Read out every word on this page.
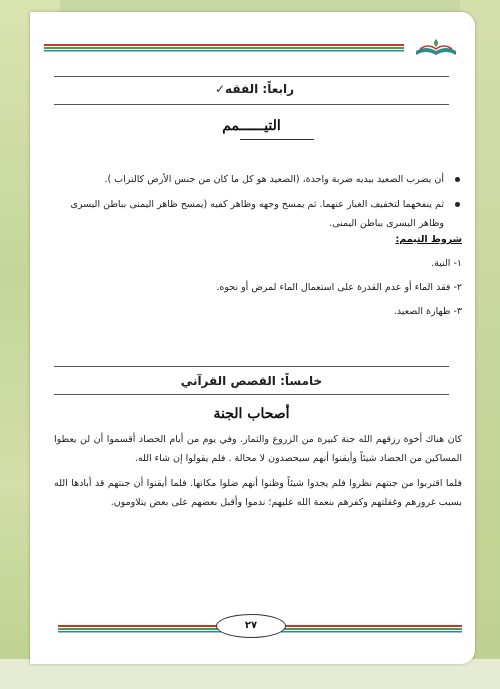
رابعاً: الفقه✓
التيــــــمم
أن يضرب الصعيد بيديه ضربة واحدة، (الصعيد هو كل ما كان من جنس الأرض كالتراب ).
ثم ينفخهما لتخفيف الغبار عنهما. ثم يمسح وجهه وظاهر كفيه (يمسح ظاهر اليمنى بباطن اليسرى وظاهر اليسرى بباطن اليمنى.
شروط التيمم:
١- النية.
٢- فقد الماء أو عدم القدرة على استعمال الماء لمرض أو نحوه.
٣- طهارة الصعيد.
خامساً: القصص القرآني
أصحاب الجنة

كان هناك أخوة رزقهم الله جنة كبيرة من الزروع والثمار. وفي يوم من أيام الحصاد أقسموا أن لن يعطوا المساكين من الحصاد شيئاً وأيقنوا أنهم سيحصدون لا محالة . فلم يقولوا إن شاء الله.

فلما اقتربوا من جنتهم نظروا فلم يجدوا شيئاً وظنوا أنهم ضلوا مكانها. فلما أيقنوا أن جنتهم قد أبادها الله بسبب غرورهم وغفلتهم وكفرهم بنعمة الله عليهم؛ ندموا وأقبل بعضهم على بعض يتلاومون.

٢٧
